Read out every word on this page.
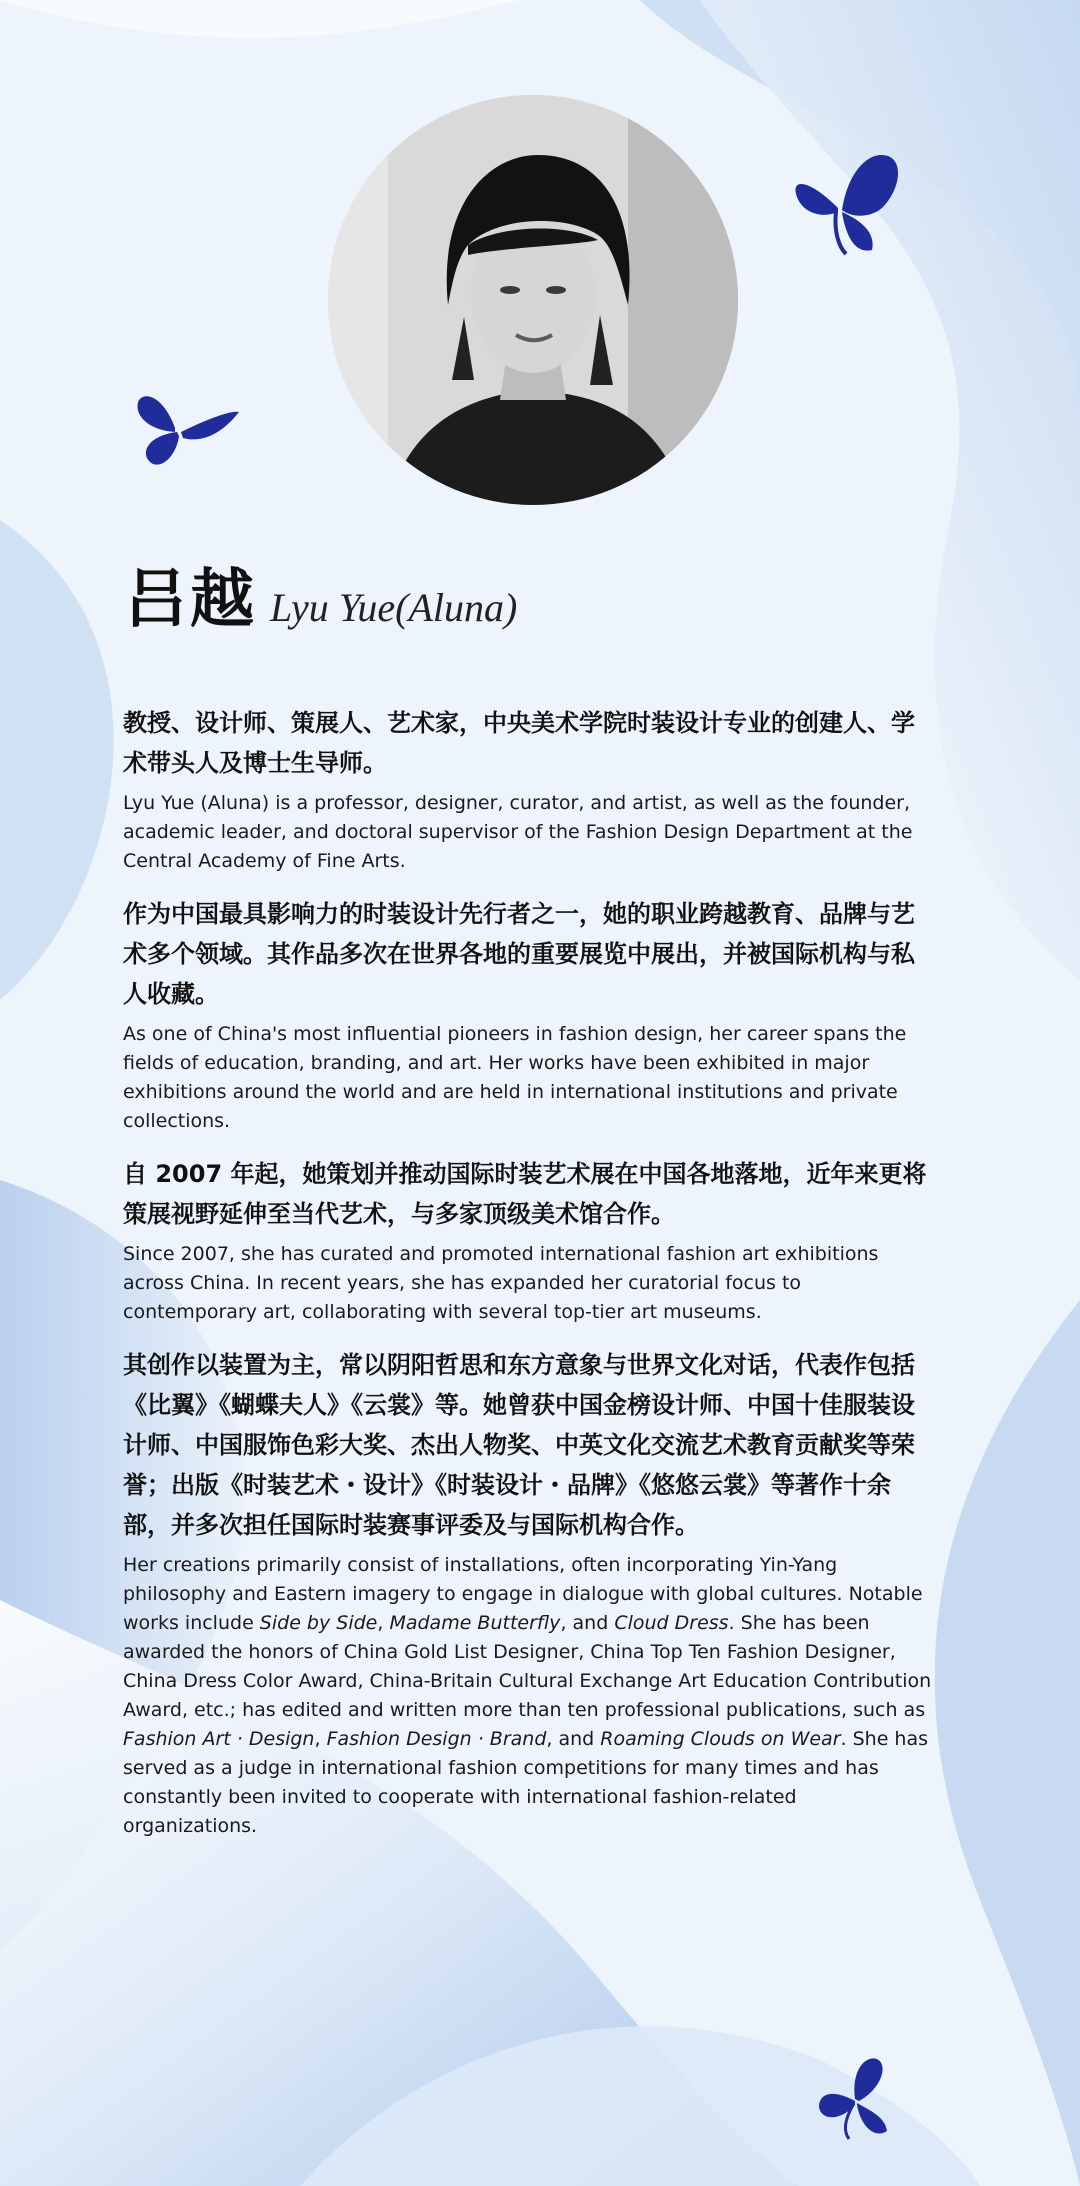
吕越 Lyu Yue(Aluna)

教授、设计师、策展人、艺术家，中央美术学院时装设计专业的创建人、学术带头人及博士生导师。

Lyu Yue (Aluna) is a professor, designer, curator, and artist, as well as the founder, academic leader, and doctoral supervisor of the Fashion Design Department at the Central Academy of Fine Arts.

作为中国最具影响力的时装设计先行者之一，她的职业跨越教育、品牌与艺术多个领域。其作品多次在世界各地的重要展览中展出，并被国际机构与私人收藏。

As one of China's most influential pioneers in fashion design, her career spans the fields of education, branding, and art. Her works have been exhibited in major exhibitions around the world and are held in international institutions and private collections.

自 2007 年起，她策划并推动国际时装艺术展在中国各地落地，近年来更将策展视野延伸至当代艺术，与多家顶级美术馆合作。

Since 2007, she has curated and promoted international fashion art exhibitions across China. In recent years, she has expanded her curatorial focus to contemporary art, collaborating with several top-tier art museums.

其创作以装置为主，常以阴阳哲思和东方意象与世界文化对话，代表作包括《比翼》《蝴蝶夫人》《云裳》等。她曾获中国金榜设计师、中国十佳服装设计师、中国服饰色彩大奖、杰出人物奖、中英文化交流艺术教育贡献奖等荣誉；出版《时装艺术・设计》《时装设计・品牌》《悠悠云裳》等著作十余部，并多次担任国际时装赛事评委及与国际机构合作。

Her creations primarily consist of installations, often incorporating Yin-Yang philosophy and Eastern imagery to engage in dialogue with global cultures. Notable works include Side by Side, Madame Butterfly, and Cloud Dress. She has been awarded the honors of China Gold List Designer, China Top Ten Fashion Designer, China Dress Color Award, China-Britain Cultural Exchange Art Education Contribution Award, etc.; has edited and written more than ten professional publications, such as Fashion Art · Design, Fashion Design · Brand, and Roaming Clouds on Wear. She has served as a judge in international fashion competitions for many times and has constantly been invited to cooperate with international fashion-related organizations.
